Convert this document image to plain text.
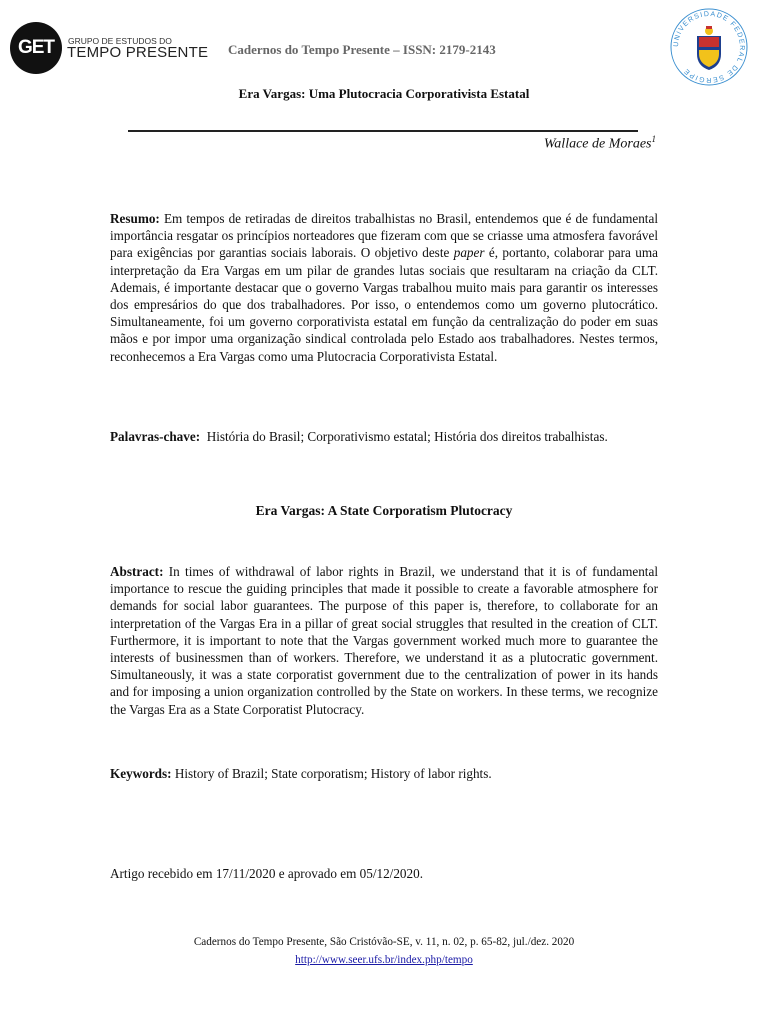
GET GRUPO DE ESTUDOS DO
TEMPO PRESENTE Cadernos do Tempo Presente – ISSN: 2179-2143	UNIVERSIDADE FEDERAL DE SERGIPE
Era Vargas: Uma Plutocracia Corporativista Estatal
Wallace de Moraes$^1$
Resumo: Em tempos de retiradas de direitos trabalhistas no Brasil, entendemos que é de fundamental importância resgatar os princípios norteadores que fizeram com que se criasse uma atmosfera favorável para exigências por garantias sociais laborais. O objetivo deste paper é, portanto, colaborar para uma interpretação da Era Vargas em um pilar de grandes lutas sociais que resultaram na criação da CLT. Ademais, é importante destacar que o governo Vargas trabalhou muito mais para garantir os interesses dos empresários do que dos trabalhadores. Por isso, o entendemos como um governo plutocrático. Simultaneamente, foi um governo corporativista estatal em função da centralização do poder em suas mãos e por impor uma organização sindical controlada pelo Estado aos trabalhadores. Nestes termos, reconhecemos a Era Vargas como uma Plutocracia Corporativista Estatal.
Palavras-chave:  História do Brasil; Corporativismo estatal; História dos direitos trabalhistas.
Era Vargas: A State Corporatism Plutocracy
Abstract: In times of withdrawal of labor rights in Brazil, we understand that it is of fundamental importance to rescue the guiding principles that made it possible to create a favorable atmosphere for demands for social labor guarantees. The purpose of this paper is, therefore, to collaborate for an interpretation of the Vargas Era in a pillar of great social struggles that resulted in the creation of CLT. Furthermore, it is important to note that the Vargas government worked much more to guarantee the interests of businessmen than of workers. Therefore, we understand it as a plutocratic government. Simultaneously, it was a state corporatist government due to the centralization of power in its hands and for imposing a union organization controlled by the State on workers. In these terms, we recognize the Vargas Era as a State Corporatist Plutocracy.
Keywords: History of Brazil; State corporatism; History of labor rights.
Artigo recebido em 17/11/2020 e aprovado em 05/12/2020.
Cadernos do Tempo Presente, São Cristóvão-SE, v. 11, n. 02, p. 65-82, jul./dez. 2020
http://www.seer.ufs.br/index.php/tempo
